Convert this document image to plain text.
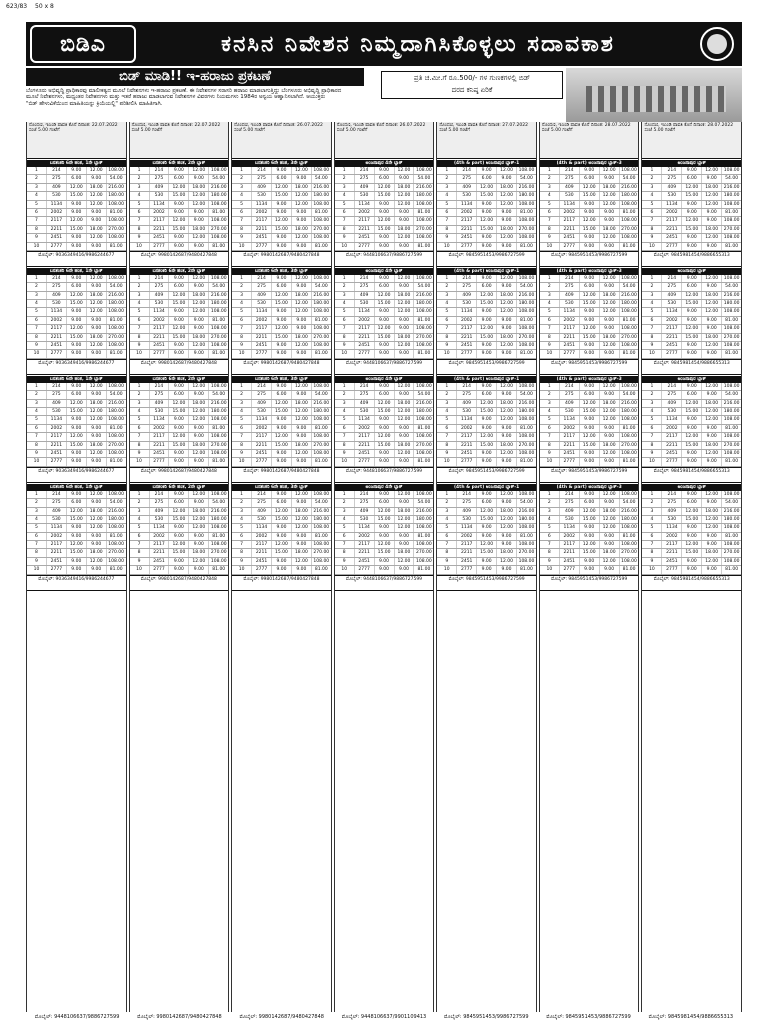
623/83 50 x 8
ಬಿಡಿಎ	ಕನಸಿನ ನಿವೇಶನ ನಿಮ್ಮದಾಗಿಸಿಕೊಳ್ಳಲು ಸದಾವಕಾಶ
ಬಿಡ್ ಮಾಡಿ!! ಇ-ಹರಾಜು ಪ್ರಕಟಣೆ	ಪ್ರತಿ ಚ.ಮೀ.ಗೆ ರೂ.500/- ಗಳ ಗುಣಕಗಳಲ್ಲಿ ಬಿಡ್
ದರದ ಕನಿಷ್ಠ ಏರಿಕೆ

ಬೆಂಗಳೂರು ಅಭಿವೃದ್ಧಿ ಪ್ರಾಧಿಕಾರವು ಮಾಲೀಕತ್ವದ ಮೂಲೆ ನಿವೇಶನಗಳು ಇ-ಹರಾಜು ಪ್ರಕಟಣೆ. ಈ ನಿವೇಶನಗಳ ಸರಾಸರಿ ಹರಾಜು ಮಾಡಲಾಗುತ್ತಿದ್ದು ಬೆಂಗಳೂರು ಅಭಿವೃದ್ಧಿ ಪ್ರಾಧಿಕಾರದ

ಮೂಲೆ ನಿವೇಶನಗಳು, ಮಧ್ಯಂತರ ನಿವೇಶನಗಳು ಮತ್ತು ಇತರೆ ಹರಾಜು ಮಾಡಲಾಗುವ ನಿವೇಶನಗಳ ವಿವರಗಳು ನಿಯಮಗಳು 1984ರ ಅನ್ವಯ ಆಹ್ವಾನಿಸಲಾಗಿದೆ. ಆಯುಕ್ತರು

"ಬಿಡ್ ಹೇಳುವಿಕೆಯಿಂದ ಮಾಹಿತಿಯನ್ನು ಕ್ರಿಯೆಯಲ್ಲಿ" ಪರಿಶೀಲಿಸಿ ಮಾಹಿತಿಗಾಗಿ.

ನೊಂದಣಿ, ಇಎಂಡಿ ಪಾವತಿ ಕೊನೆ ದಿನಾಂಕ: 22.07.2022 ಸಂಜೆ 5.00 ಗಂಟೆಗೆ
ಬನಶಂಕರಿ 6ನೇ ಹಂತ, 1ನೇ ಬ್ಲಾಕ್
1	214	9.00	12.00	108.00
2	275	6.00	9.00	54.00
3	409	12.00	18.00	216.00
4	530	15.00	12.00	180.00
5	1134	9.00	12.00	108.00
6	2002	9.00	9.00	81.00
7	2117	12.00	9.00	108.00
8	2211	15.00	18.00	270.00
9	2451	9.00	12.00	108.00
10	2777	9.00	9.00	81.00
ಮೊಬೈಲ್: 9036349416/9986244677
ಬನಶಂಕರಿ 6ನೇ ಹಂತ, 1ನೇ ಬ್ಲಾಕ್
1	214	9.00	12.00	108.00
2	275	6.00	9.00	54.00
3	409	12.00	18.00	216.00
4	530	15.00	12.00	180.00
5	1134	9.00	12.00	108.00
6	2002	9.00	9.00	81.00
7	2117	12.00	9.00	108.00
8	2211	15.00	18.00	270.00
9	2451	9.00	12.00	108.00
10	2777	9.00	9.00	81.00
ಮೊಬೈಲ್: 9036349416/9986244677
ಬನಶಂಕರಿ 6ನೇ ಹಂತ, 1ನೇ ಬ್ಲಾಕ್
1	214	9.00	12.00	108.00
2	275	6.00	9.00	54.00
3	409	12.00	18.00	216.00
4	530	15.00	12.00	180.00
5	1134	9.00	12.00	108.00
6	2002	9.00	9.00	81.00
7	2117	12.00	9.00	108.00
8	2211	15.00	18.00	270.00
9	2451	9.00	12.00	108.00
10	2777	9.00	9.00	81.00
ಮೊಬೈಲ್: 9036349416/9986244677
ಬನಶಂಕರಿ 6ನೇ ಹಂತ, 1ನೇ ಬ್ಲಾಕ್
1	214	9.00	12.00	108.00
2	275	6.00	9.00	54.00
3	409	12.00	18.00	216.00
4	530	15.00	12.00	180.00
5	1134	9.00	12.00	108.00
6	2002	9.00	9.00	81.00
7	2117	12.00	9.00	108.00
8	2211	15.00	18.00	270.00
9	2451	9.00	12.00	108.00
10	2777	9.00	9.00	81.00
ಮೊಬೈಲ್: 9036349416/9986244677
ನೊಂದಣಿ, ಇಎಂಡಿ ಪಾವತಿ ಕೊನೆ ದಿನಾಂಕ: 22.07.2022 ಸಂಜೆ 5.00 ಗಂಟೆಗೆ
ಬನಶಂಕರಿ 6ನೇ ಹಂತ, 2ನೇ ಬ್ಲಾಕ್
1	214	9.00	12.00	108.00
2	275	6.00	9.00	54.00
3	409	12.00	18.00	216.00
4	530	15.00	12.00	180.00
5	1134	9.00	12.00	108.00
6	2002	9.00	9.00	81.00
7	2117	12.00	9.00	108.00
8	2211	15.00	18.00	270.00
9	2451	9.00	12.00	108.00
10	2777	9.00	9.00	81.00
ಮೊಬೈಲ್: 9980142687/9480427848
ಬನಶಂಕರಿ 6ನೇ ಹಂತ, 2ನೇ ಬ್ಲಾಕ್
1	214	9.00	12.00	108.00
2	275	6.00	9.00	54.00
3	409	12.00	18.00	216.00
4	530	15.00	12.00	180.00
5	1134	9.00	12.00	108.00
6	2002	9.00	9.00	81.00
7	2117	12.00	9.00	108.00
8	2211	15.00	18.00	270.00
9	2451	9.00	12.00	108.00
10	2777	9.00	9.00	81.00
ಮೊಬೈಲ್: 9980142687/9480427848
ಬನಶಂಕರಿ 6ನೇ ಹಂತ, 2ನೇ ಬ್ಲಾಕ್
1	214	9.00	12.00	108.00
2	275	6.00	9.00	54.00
3	409	12.00	18.00	216.00
4	530	15.00	12.00	180.00
5	1134	9.00	12.00	108.00
6	2002	9.00	9.00	81.00
7	2117	12.00	9.00	108.00
8	2211	15.00	18.00	270.00
9	2451	9.00	12.00	108.00
10	2777	9.00	9.00	81.00
ಮೊಬೈಲ್: 9980142687/9480427848
ಬನಶಂಕರಿ 6ನೇ ಹಂತ, 2ನೇ ಬ್ಲಾಕ್
1	214	9.00	12.00	108.00
2	275	6.00	9.00	54.00
3	409	12.00	18.00	216.00
4	530	15.00	12.00	180.00
5	1134	9.00	12.00	108.00
6	2002	9.00	9.00	81.00
7	2117	12.00	9.00	108.00
8	2211	15.00	18.00	270.00
9	2451	9.00	12.00	108.00
10	2777	9.00	9.00	81.00
ಮೊಬೈಲ್: 9980142687/9480427848
ನೊಂದಣಿ, ಇಎಂಡಿ ಪಾವತಿ ಕೊನೆ ದಿನಾಂಕ: 26.07.2022 ಸಂಜೆ 5.00 ಗಂಟೆಗೆ
ಬನಶಂಕರಿ 6ನೇ ಹಂತ, 3ನೇ ಬ್ಲಾಕ್
1	214	9.00	12.00	108.00
2	275	6.00	9.00	54.00
3	409	12.00	18.00	216.00
4	530	15.00	12.00	180.00
5	1134	9.00	12.00	108.00
6	2002	9.00	9.00	81.00
7	2117	12.00	9.00	108.00
8	2211	15.00	18.00	270.00
9	2451	9.00	12.00	108.00
10	2777	9.00	9.00	81.00
ಮೊಬೈಲ್: 9980142687/9480427848
ಬನಶಂಕರಿ 6ನೇ ಹಂತ, 3ನೇ ಬ್ಲಾಕ್
1	214	9.00	12.00	108.00
2	275	6.00	9.00	54.00
3	409	12.00	18.00	216.00
4	530	15.00	12.00	180.00
5	1134	9.00	12.00	108.00
6	2002	9.00	9.00	81.00
7	2117	12.00	9.00	108.00
8	2211	15.00	18.00	270.00
9	2451	9.00	12.00	108.00
10	2777	9.00	9.00	81.00
ಮೊಬೈಲ್: 9980142687/9480427848
ಬನಶಂಕರಿ 6ನೇ ಹಂತ, 3ನೇ ಬ್ಲಾಕ್
1	214	9.00	12.00	108.00
2	275	6.00	9.00	54.00
3	409	12.00	18.00	216.00
4	530	15.00	12.00	180.00
5	1134	9.00	12.00	108.00
6	2002	9.00	9.00	81.00
7	2117	12.00	9.00	108.00
8	2211	15.00	18.00	270.00
9	2451	9.00	12.00	108.00
10	2777	9.00	9.00	81.00
ಮೊಬೈಲ್: 9980142687/9480427848
ಬನಶಂಕರಿ 6ನೇ ಹಂತ, 3ನೇ ಬ್ಲಾಕ್
1	214	9.00	12.00	108.00
2	275	6.00	9.00	54.00
3	409	12.00	18.00	216.00
4	530	15.00	12.00	180.00
5	1134	9.00	12.00	108.00
6	2002	9.00	9.00	81.00
7	2117	12.00	9.00	108.00
8	2211	15.00	18.00	270.00
9	2451	9.00	12.00	108.00
10	2777	9.00	9.00	81.00
ಮೊಬೈಲ್: 9980142687/9480427848
ನೊಂದಣಿ, ಇಎಂಡಿ ಪಾವತಿ ಕೊನೆ ದಿನಾಂಕ: 26.07.2022 ಸಂಜೆ 5.00 ಗಂಟೆಗೆ
ಅಂಜನಾಪುರ 4ನೇ ಬ್ಲಾಕ್
1	214	9.00	12.00	108.00
2	275	6.00	9.00	54.00
3	409	12.00	18.00	216.00
4	530	15.00	12.00	180.00
5	1134	9.00	12.00	108.00
6	2002	9.00	9.00	81.00
7	2117	12.00	9.00	108.00
8	2211	15.00	18.00	270.00
9	2451	9.00	12.00	108.00
10	2777	9.00	9.00	81.00
ಮೊಬೈಲ್: 9448106637/9886727599
ಅಂಜನಾಪುರ 4ನೇ ಬ್ಲಾಕ್
1	214	9.00	12.00	108.00
2	275	6.00	9.00	54.00
3	409	12.00	18.00	216.00
4	530	15.00	12.00	180.00
5	1134	9.00	12.00	108.00
6	2002	9.00	9.00	81.00
7	2117	12.00	9.00	108.00
8	2211	15.00	18.00	270.00
9	2451	9.00	12.00	108.00
10	2777	9.00	9.00	81.00
ಮೊಬೈಲ್: 9448106637/9886727599
ಅಂಜನಾಪುರ 4ನೇ ಬ್ಲಾಕ್
1	214	9.00	12.00	108.00
2	275	6.00	9.00	54.00
3	409	12.00	18.00	216.00
4	530	15.00	12.00	180.00
5	1134	9.00	12.00	108.00
6	2002	9.00	9.00	81.00
7	2117	12.00	9.00	108.00
8	2211	15.00	18.00	270.00
9	2451	9.00	12.00	108.00
10	2777	9.00	9.00	81.00
ಮೊಬೈಲ್: 9448106637/9886727599
ಅಂಜನಾಪುರ 4ನೇ ಬ್ಲಾಕ್
1	214	9.00	12.00	108.00
2	275	6.00	9.00	54.00
3	409	12.00	18.00	216.00
4	530	15.00	12.00	180.00
5	1134	9.00	12.00	108.00
6	2002	9.00	9.00	81.00
7	2117	12.00	9.00	108.00
8	2211	15.00	18.00	270.00
9	2451	9.00	12.00	108.00
10	2777	9.00	9.00	81.00
ಮೊಬೈಲ್: 9448106637/9886727599
ನೊಂದಣಿ, ಇಎಂಡಿ ಪಾವತಿ ಕೊನೆ ದಿನಾಂಕ: 27.07.2022 ಸಂಜೆ 5.00 ಗಂಟೆಗೆ
(4th & part) ಅಂಜನಾಪುರ ಬ್ಲಾಕ್-1
1	214	9.00	12.00	108.00
2	275	6.00	9.00	54.00
3	409	12.00	18.00	216.00
4	530	15.00	12.00	180.00
5	1134	9.00	12.00	108.00
6	2002	9.00	9.00	81.00
7	2117	12.00	9.00	108.00
8	2211	15.00	18.00	270.00
9	2451	9.00	12.00	108.00
10	2777	9.00	9.00	81.00
ಮೊಬೈಲ್: 9845951453/9986727599
(4th & part) ಅಂಜನಾಪುರ ಬ್ಲಾಕ್-1
1	214	9.00	12.00	108.00
2	275	6.00	9.00	54.00
3	409	12.00	18.00	216.00
4	530	15.00	12.00	180.00
5	1134	9.00	12.00	108.00
6	2002	9.00	9.00	81.00
7	2117	12.00	9.00	108.00
8	2211	15.00	18.00	270.00
9	2451	9.00	12.00	108.00
10	2777	9.00	9.00	81.00
ಮೊಬೈಲ್: 9845951453/9986727599
(4th & part) ಅಂಜನಾಪುರ ಬ್ಲಾಕ್-1
1	214	9.00	12.00	108.00
2	275	6.00	9.00	54.00
3	409	12.00	18.00	216.00
4	530	15.00	12.00	180.00
5	1134	9.00	12.00	108.00
6	2002	9.00	9.00	81.00
7	2117	12.00	9.00	108.00
8	2211	15.00	18.00	270.00
9	2451	9.00	12.00	108.00
10	2777	9.00	9.00	81.00
ಮೊಬೈಲ್: 9845951453/9986727599
(4th & part) ಅಂಜನಾಪುರ ಬ್ಲಾಕ್-1
1	214	9.00	12.00	108.00
2	275	6.00	9.00	54.00
3	409	12.00	18.00	216.00
4	530	15.00	12.00	180.00
5	1134	9.00	12.00	108.00
6	2002	9.00	9.00	81.00
7	2117	12.00	9.00	108.00
8	2211	15.00	18.00	270.00
9	2451	9.00	12.00	108.00
10	2777	9.00	9.00	81.00
ಮೊಬೈಲ್: 9845951453/9986727599
ನೊಂದಣಿ, ಇಎಂಡಿ ಪಾವತಿ ಕೊನೆ ದಿನಾಂಕ: 28.07.2022 ಸಂಜೆ 5.00 ಗಂಟೆಗೆ
(4th & part) ಅಂಜನಾಪುರ ಬ್ಲಾಕ್-3
1	214	9.00	12.00	108.00
2	275	6.00	9.00	54.00
3	409	12.00	18.00	216.00
4	530	15.00	12.00	180.00
5	1134	9.00	12.00	108.00
6	2002	9.00	9.00	81.00
7	2117	12.00	9.00	108.00
8	2211	15.00	18.00	270.00
9	2451	9.00	12.00	108.00
10	2777	9.00	9.00	81.00
ಮೊಬೈಲ್: 9845951453/9986727599
(4th & part) ಅಂಜನಾಪುರ ಬ್ಲಾಕ್-3
1	214	9.00	12.00	108.00
2	275	6.00	9.00	54.00
3	409	12.00	18.00	216.00
4	530	15.00	12.00	180.00
5	1134	9.00	12.00	108.00
6	2002	9.00	9.00	81.00
7	2117	12.00	9.00	108.00
8	2211	15.00	18.00	270.00
9	2451	9.00	12.00	108.00
10	2777	9.00	9.00	81.00
ಮೊಬೈಲ್: 9845951453/9986727599
(4th & part) ಅಂಜನಾಪುರ ಬ್ಲಾಕ್-3
1	214	9.00	12.00	108.00
2	275	6.00	9.00	54.00
3	409	12.00	18.00	216.00
4	530	15.00	12.00	180.00
5	1134	9.00	12.00	108.00
6	2002	9.00	9.00	81.00
7	2117	12.00	9.00	108.00
8	2211	15.00	18.00	270.00
9	2451	9.00	12.00	108.00
10	2777	9.00	9.00	81.00
ಮೊಬೈಲ್: 9845951453/9986727599
(4th & part) ಅಂಜನಾಪುರ ಬ್ಲಾಕ್-3
1	214	9.00	12.00	108.00
2	275	6.00	9.00	54.00
3	409	12.00	18.00	216.00
4	530	15.00	12.00	180.00
5	1134	9.00	12.00	108.00
6	2002	9.00	9.00	81.00
7	2117	12.00	9.00	108.00
8	2211	15.00	18.00	270.00
9	2451	9.00	12.00	108.00
10	2777	9.00	9.00	81.00
ಮೊಬೈಲ್: 9845951453/9986727599
ನೊಂದಣಿ, ಇಎಂಡಿ ಪಾವತಿ ಕೊನೆ ದಿನಾಂಕ: 28.07.2022 ಸಂಜೆ 5.00 ಗಂಟೆಗೆ
ಅಂಜನಾಪುರ ಬ್ಲಾಕ್
1	214	9.00	12.00	108.00
2	275	6.00	9.00	54.00
3	409	12.00	18.00	216.00
4	530	15.00	12.00	180.00
5	1134	9.00	12.00	108.00
6	2002	9.00	9.00	81.00
7	2117	12.00	9.00	108.00
8	2211	15.00	18.00	270.00
9	2451	9.00	12.00	108.00
10	2777	9.00	9.00	81.00
ಮೊಬೈಲ್: 9845981454/9886655313
ಅಂಜನಾಪುರ ಬ್ಲಾಕ್
1	214	9.00	12.00	108.00
2	275	6.00	9.00	54.00
3	409	12.00	18.00	216.00
4	530	15.00	12.00	180.00
5	1134	9.00	12.00	108.00
6	2002	9.00	9.00	81.00
7	2117	12.00	9.00	108.00
8	2211	15.00	18.00	270.00
9	2451	9.00	12.00	108.00
10	2777	9.00	9.00	81.00
ಮೊಬೈಲ್: 9845981454/9886655313
ಅಂಜನಾಪುರ ಬ್ಲಾಕ್
1	214	9.00	12.00	108.00
2	275	6.00	9.00	54.00
3	409	12.00	18.00	216.00
4	530	15.00	12.00	180.00
5	1134	9.00	12.00	108.00
6	2002	9.00	9.00	81.00
7	2117	12.00	9.00	108.00
8	2211	15.00	18.00	270.00
9	2451	9.00	12.00	108.00
10	2777	9.00	9.00	81.00
ಮೊಬೈಲ್: 9845981454/9886655313
ಅಂಜನಾಪುರ ಬ್ಲಾಕ್
1	214	9.00	12.00	108.00
2	275	6.00	9.00	54.00
3	409	12.00	18.00	216.00
4	530	15.00	12.00	180.00
5	1134	9.00	12.00	108.00
6	2002	9.00	9.00	81.00
7	2117	12.00	9.00	108.00
8	2211	15.00	18.00	270.00
9	2451	9.00	12.00	108.00
10	2777	9.00	9.00	81.00
ಮೊಬೈಲ್: 9845981454/9886655313
ಮೊಬೈಲ್: 9448106637/9886727599	ಮೊಬೈಲ್: 9980142687/9480427848	ಮೊಬೈಲ್: 9980142687/9480427848	ಮೊಬೈಲ್: 9448106637/9901109413	ಮೊಬೈಲ್: 9845951453/9986727599	ಮೊಬೈಲ್: 9845951453/9886727599	ಮೊಬೈಲ್: 9845981454/9886655313
